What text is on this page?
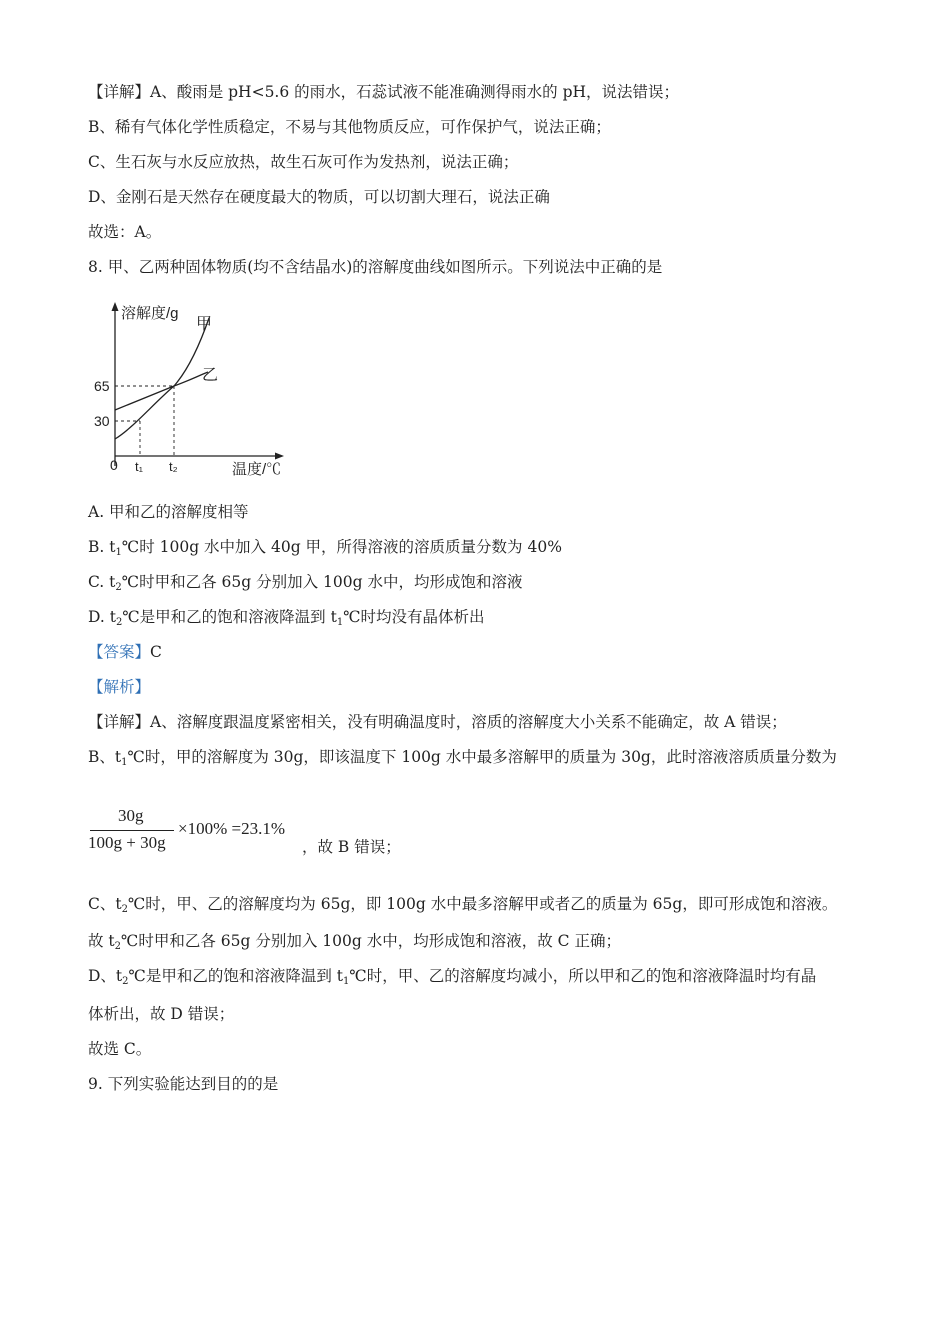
【详解】A、酸雨是 pH<5.6 的雨水，石蕊试液不能准确测得雨水的 pH，说法错误；
B、稀有气体化学性质稳定，不易与其他物质反应，可作保护气，说法正确；
C、生石灰与水反应放热，故生石灰可作为发热剂，说法正确；
D、金刚石是天然存在硬度最大的物质，可以切割大理石，说法正确
故选：A。
8. 甲、乙两种固体物质(均不含结晶水)的溶解度曲线如图所示。下列说法中正确的是
溶解度/g
甲
乙
65
30
0 t₁ t₂	温度/℃
A. 甲和乙的溶解度相等
B. $t_1℃$时 100g 水中加入 40g 甲，所得溶液的溶质质量分数为 40%
C. $t_2℃$时甲和乙各 65g 分别加入 100g 水中，均形成饱和溶液
D. $t_2℃$是甲和乙的饱和溶液降温到 $t_1℃$时均没有晶体析出
【答案】C
【解析】
【详解】A、溶解度跟温度紧密相关，没有明确温度时，溶质的溶解度大小关系不能确定，故 A 错误；
B、$t_1℃$时，甲的溶解度为 30g，即该温度下 100g 水中最多溶解甲的质量为 30g，此时溶液溶质质量分数为
30g
100g + 30g
×100% =23.1%
，故 B 错误；
C、$t_2℃$时，甲、乙的溶解度均为 65g，即 100g 水中最多溶解甲或者乙的质量为 65g，即可形成饱和溶液。
故 $t_2℃$时甲和乙各 65g 分别加入 100g 水中，均形成饱和溶液，故 C 正确；
D、$t_2℃$是甲和乙的饱和溶液降温到 $t_1℃$时，甲、乙的溶解度均减小，所以甲和乙的饱和溶液降温时均有晶
体析出，故 D 错误；
故选 C。
9. 下列实验能达到目的的是
